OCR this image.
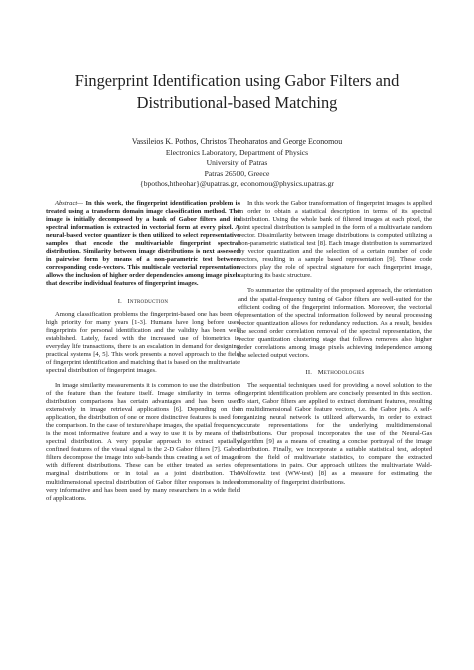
Fingerprint Identification using Gabor Filters and Distributional-based Matching
Vassileios K. Pothos, Christos Theoharatos and George Economou
Electronics Laboratory, Department of Physics
University of Patras
Patras 26500, Greece
{bpothos,htheohar}@upatras.gr, economou@physics.upatras.gr

Abstract— In this work, the fingerprint identification problem is treated using a transform domain image classification method. The image is initially decomposed by a bank of Gabor filters and its spectral information is extracted in vectorial form at every pixel. A neural-based vector quantizer is then utilized to select representative samples that encode the multivariable fingerprint spectral distribution. Similarity between image distributions is next assessed in pairwise form by means of a non-parametric test between corresponding code-vectors. This multiscale vectorial representation allows the inclusion of higher order dependencies among image pixels that describe individual features of fingerprint images.

I. Introduction

Among classification problems the fingerprint-based one has been of high priority for many years [1-3]. Humans have long before used fingerprints for personal identification and the validity has been well established. Lately, faced with the increased use of biometrics in everyday life transactions, there is an escalation in demand for designing practical systems [4, 5]. This work presents a novel approach to the field of fingerprint identification and matching that is based on the multivariate spectral distribution of fingerprint images.

In image similarity measurements it is common to use the distribution of the feature than the feature itself. Image similarity in terms of distribution comparisons has certain advantages and has been used extensively in image retrieval applications [6]. Depending on the application, the distribution of one or more distinctive features is used for the comparison. In the case of texture/shape images, the spatial frequency is the most informative feature and a way to use it is by means of the spectral distribution. A very popular approach to extract spatially confined features of the visual signal is the 2-D Gabor filters [7]. Gabor filters decompose the image into sub-bands thus creating a set of images with different distributions. These can be either treated as series of marginal distributions or in total as a joint distribution. The multidimensional spectral distribution of Gabor filter responses is indeed very informative and has been used by many researchers in a wide field of applications.

In this work the Gabor transformation of fingerprint images is applied in order to obtain a statistical description in terms of its spectral distribution. Using the whole bank of filtered images at each pixel, the joint spectral distribution is sampled in the form of a multivariate random vector. Dissimilarity between image distributions is computed utilizing a non-parametric statistical test [8]. Each image distribution is summarized by vector quantization and the selection of a certain number of code vectors, resulting in a sample based representation [9]. These code vectors play the role of spectral signature for each fingerprint image, capturing its basic structure.

To summarize the optimality of the proposed approach, the orientation and the spatial-frequency tuning of Gabor filters are well-suited for the efficient coding of the fingerprint information. Moreover, the vectorial representation of the spectral information followed by neural processing vector quantization allows for redundancy reduction. As a result, besides the second order correlation removal of the spectral representation, the vector quantization clustering stage that follows removes also higher order correlations among image pixels achieving independence among the selected output vectors.

II. Methodologies

The sequential techniques used for providing a novel solution to the fingerprint identification problem are concisely presented in this section. To start, Gabor filters are applied to extract dominant features, resulting in multidimensional Gabor feature vectors, i.e. the Gabor jets. A self-organizing neural network is utilized afterwards, in order to extract accurate representations for the underlying multidimensional distributions. Our proposal incorporates the use of the Neural-Gas algorithm [9] as a means of creating a concise portrayal of the image distribution. Finally, we incorporate a suitable statistical test, adopted from the field of multivariate statistics, to compare the extracted representations in pairs. Our approach utilizes the multivariate Wald-Wolfowitz test (WW-test) [8] as a measure for estimating the commonality of fingerprint distributions.
